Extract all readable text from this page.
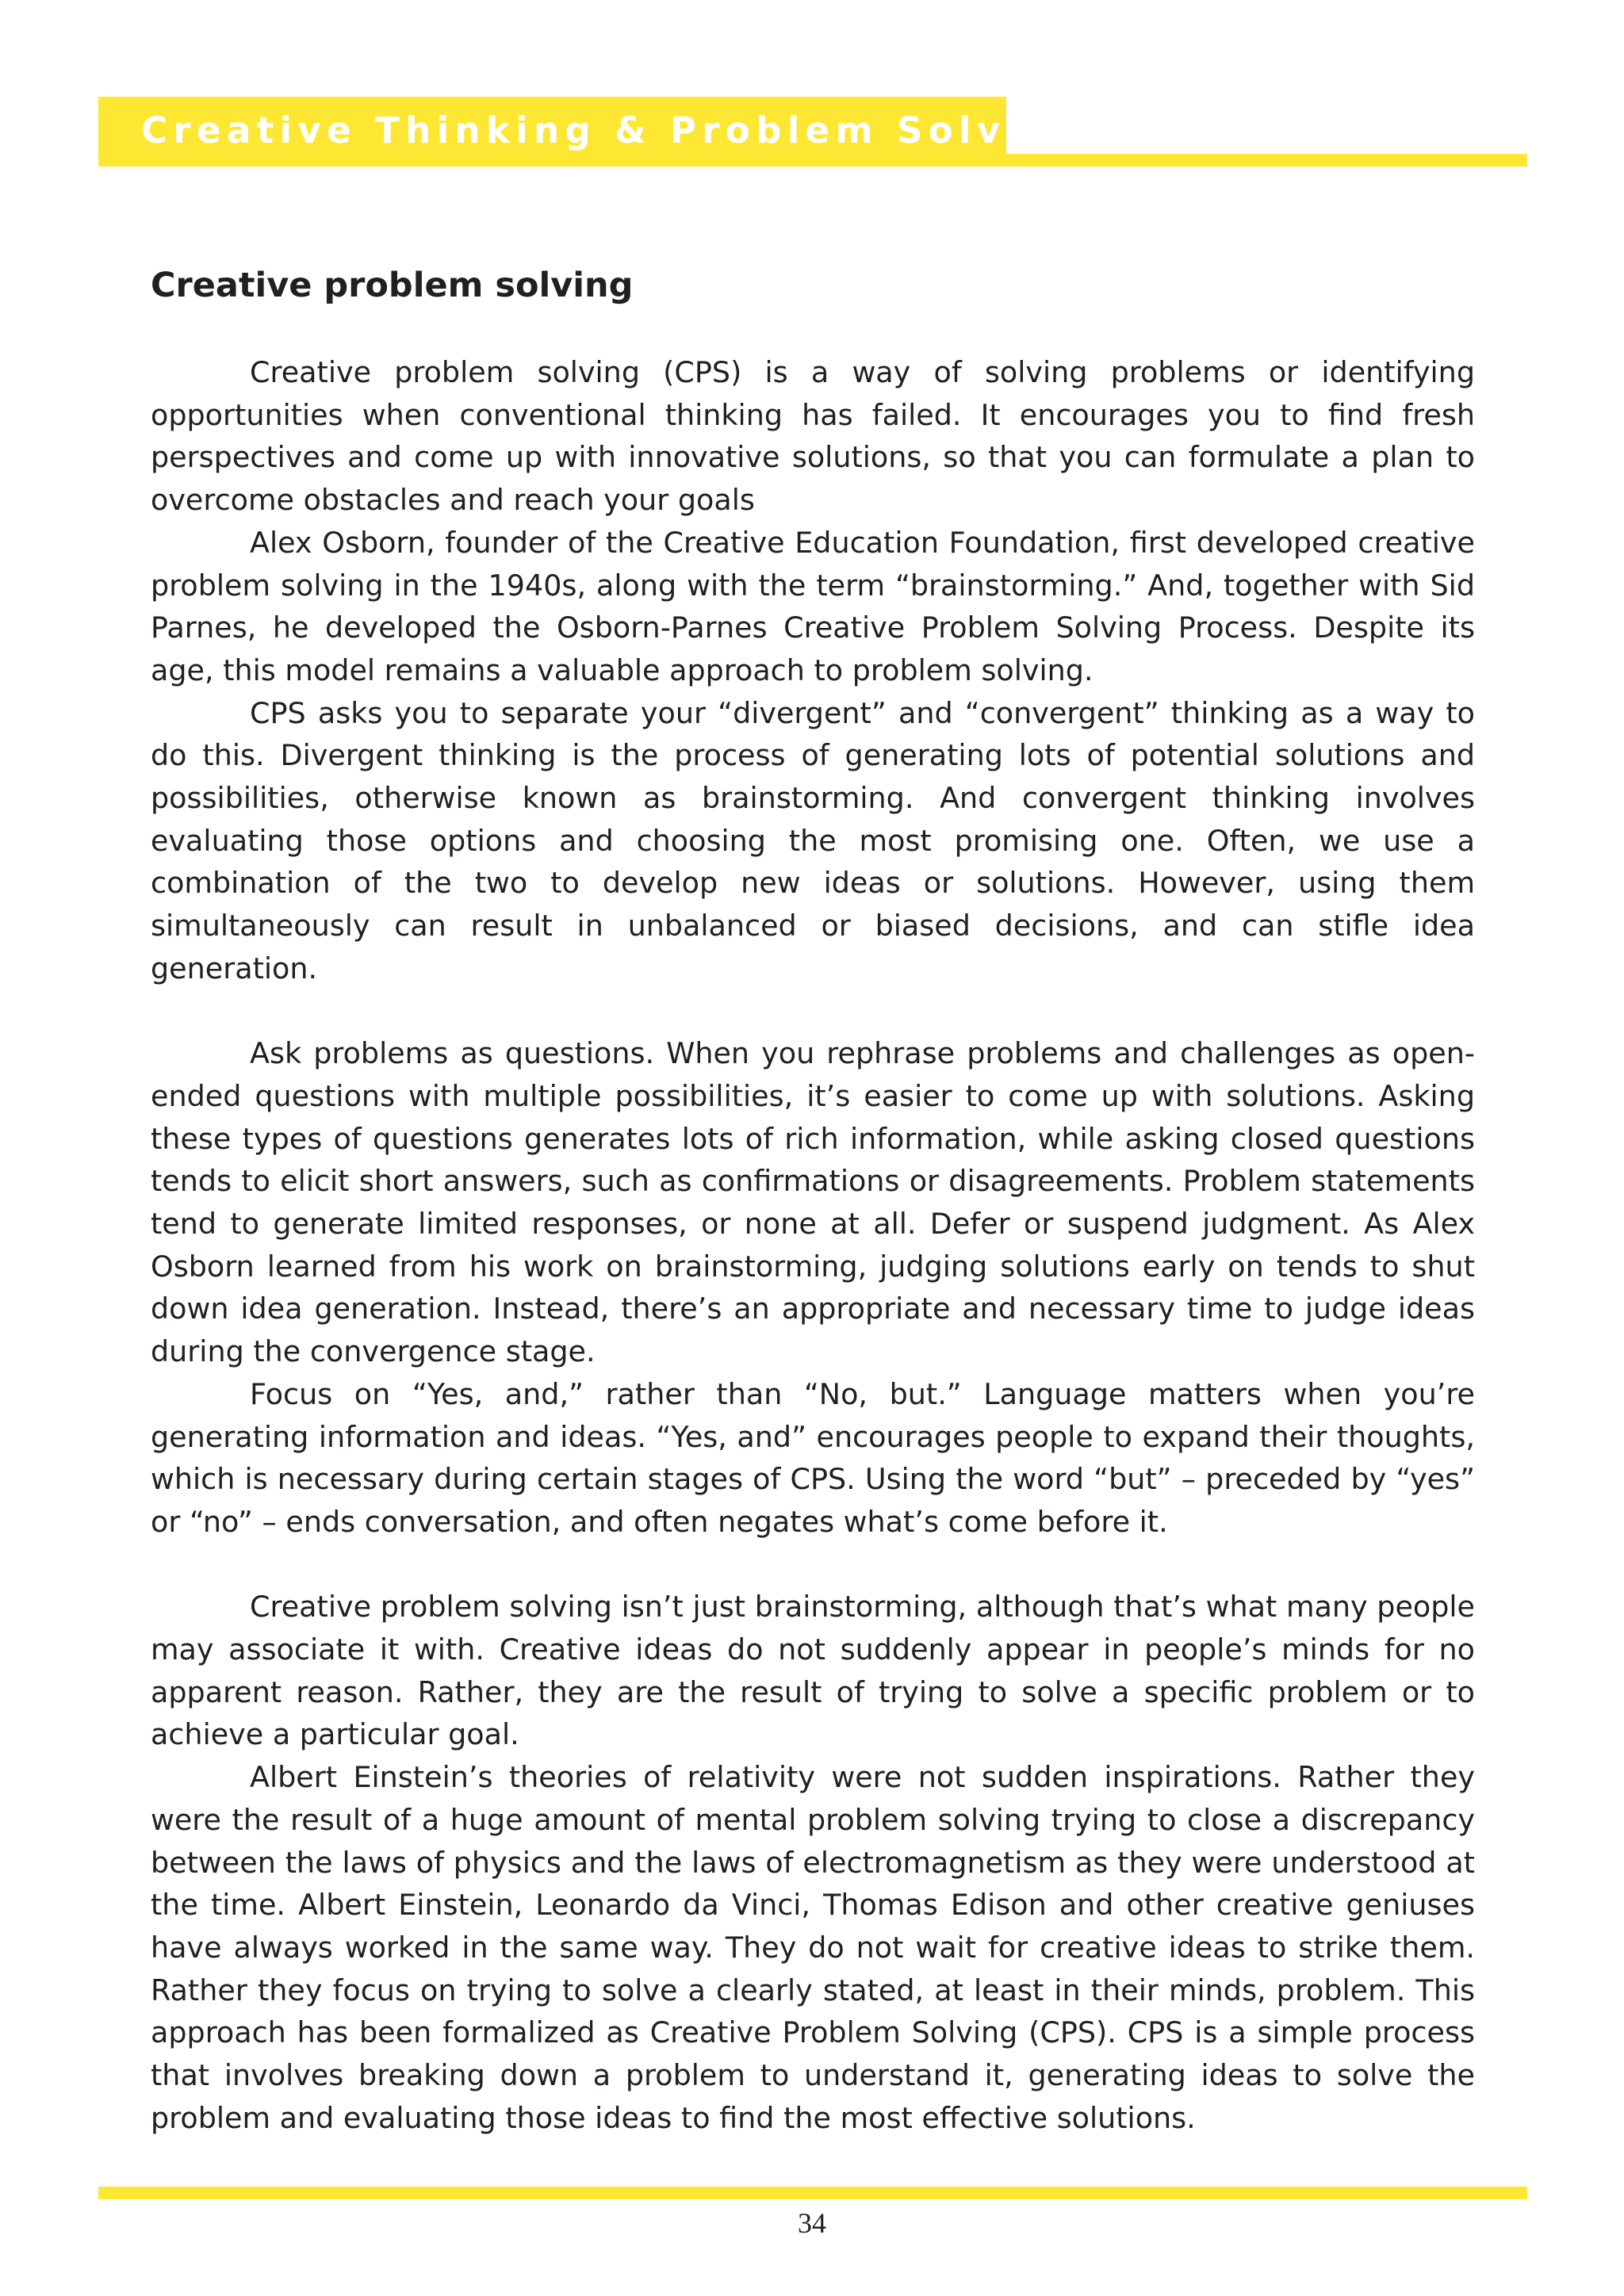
Creative Thinking & Problem Solving
Creative problem solving

Creative problem solving (CPS) is a way of solving problems or identifying opportunities when conventional thinking has failed. It encourages you to find fresh perspectives and come up with innovative solutions, so that you can formulate a plan to overcome obstacles and reach your goals

Alex Osborn, founder of the Creative Education Foundation, first developed creative problem solving in the 1940s, along with the term “brainstorming.” And, together with Sid Parnes, he developed the Osborn-Parnes Creative Problem Solving Process. Despite its age, this model remains a valuable approach to problem solving.

CPS asks you to separate your “divergent” and “convergent” thinking as a way to do this. Divergent thinking is the process of generating lots of potential solutions and possibilities, otherwise known as brainstorming. And convergent thinking involves evaluating those options and choosing the most promising one. Often, we use a combination of the two to develop new ideas or solutions. However, using them simultaneously can result in unbalanced or biased decisions, and can stifle idea generation.

Ask problems as questions. When you rephrase problems and challenges as open-ended questions with multiple possibilities, it’s easier to come up with solutions. Asking these types of questions generates lots of rich information, while asking closed questions tends to elicit short answers, such as confirmations or disagreements. Problem statements tend to generate limited responses, or none at all. Defer or suspend judgment. As Alex Osborn learned from his work on brainstorming, judging solutions early on tends to shut down idea generation. Instead, there’s an appropriate and necessary time to judge ideas during the convergence stage.

Focus on “Yes, and,” rather than “No, but.” Language matters when you’re generating information and ideas. “Yes, and” encourages people to expand their thoughts, which is necessary during certain stages of CPS. Using the word “but” – preceded by “yes” or “no” – ends conversation, and often negates what’s come before it.

Creative problem solving isn’t just brainstorming, although that’s what many people may associate it with. Creative ideas do not suddenly appear in people’s minds for no apparent reason. Rather, they are the result of trying to solve a specific problem or to achieve a particular goal.

Albert Einstein’s theories of relativity were not sudden inspirations. Rather they were the result of a huge amount of mental problem solving trying to close a discrepancy between the laws of physics and the laws of electromagnetism as they were understood at the time. Albert Einstein, Leonardo da Vinci, Thomas Edison and other creative geniuses have always worked in the same way. They do not wait for creative ideas to strike them. Rather they focus on trying to solve a clearly stated, at least in their minds, problem. This approach has been formalized as Creative Problem Solving (CPS). CPS is a simple process that involves breaking down a problem to understand it, generating ideas to solve the problem and evaluating those ideas to find the most effective solutions.

34
